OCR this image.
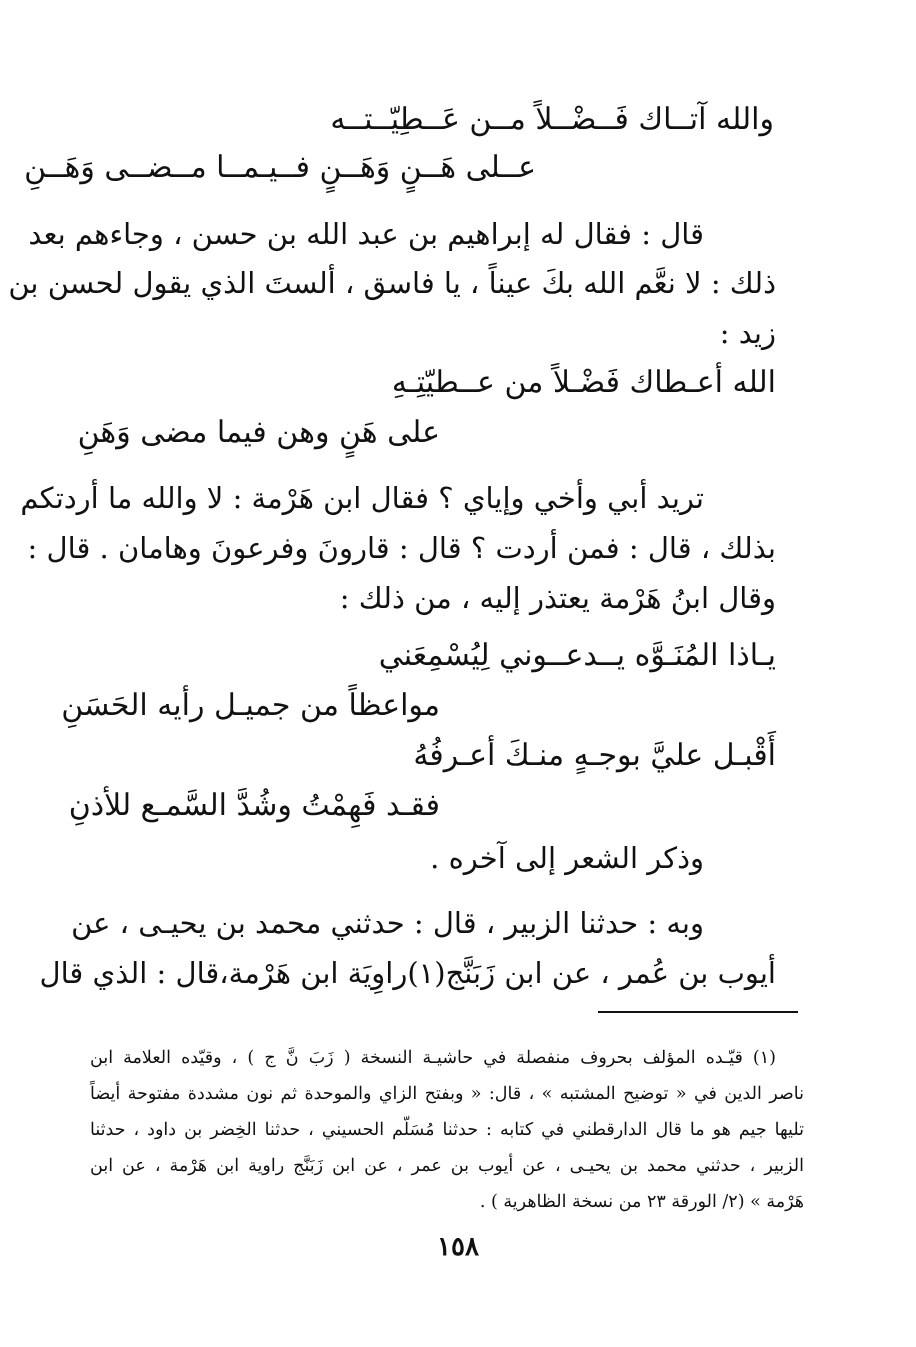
والله آتــاك فَــضْــلاً مــن عَــطِيّــتــه
عــلى هَــنٍ وَهَــنٍ فــيـمــا مــضــى وَهَــنِ
قال : فقال له إبراهيم بن عبد الله بن حسن ، وجاءهم بعد
ذلك : لا نعَّم الله بكَ عيناً ، يا فاسق ، ألستَ الذي يقول لحسن بن
زيد :
الله أعـطاك فَضْـلاً من عــطيّتِـهِ
على هَنٍ وهن فيما مضى وَهَنِ
تريد أبي وأخي وإياي ؟ فقال ابن هَرْمة : لا والله ما أردتكم
بذلك ، قال : فمن أردت ؟ قال : قارونَ وفرعونَ وهامان . قال :
وقال ابنُ هَرْمة يعتذر إليه ، من ذلك :
يـاذا المُنَـوَّه يــدعــوني لِيُسْمِعَني
مواعظاً من جميـل رأيه الحَسَنِ
أَقْبـل عليَّ بوجـهٍ منـكَ أعـرفُهُ
فقـد فَهِمْتُ وشُدَّ السَّمـع للأذنِ
وذكر الشعر إلى آخره .
وبه : حدثنا الزبير ، قال : حدثني محمد بن يحيـى ، عن
أيوب بن عُمر ، عن ابن زَبَنَّج(١)راوِيَة ابن هَرْمة،قال : الذي قال
(١) قيّـده المؤلف بحروف منفصلة في حاشيـة النسخة ( زَبَ نَّ ج ) ، وقيّده العلامة ابن
ناصر الدين في « توضيح المشتبه » ، قال: « وبفتح الزاي والموحدة ثم نون مشددة مفتوحة أيضاً
تليها جيم هو ما قال الدارقطني في كتابه : حدثنا مُسَلّم الحسيني ، حدثنا الخِضر بن داود ، حدثنا
الزبير ، حدثني محمد بن يحيـى ، عن أيوب بن عمر ، عن ابن زَبَنَّج راوية ابن هَرْمة ، عن ابن
هَرْمة » (٢/ الورقة ٢٣ من نسخة الظاهرية ) .
١٥٨
